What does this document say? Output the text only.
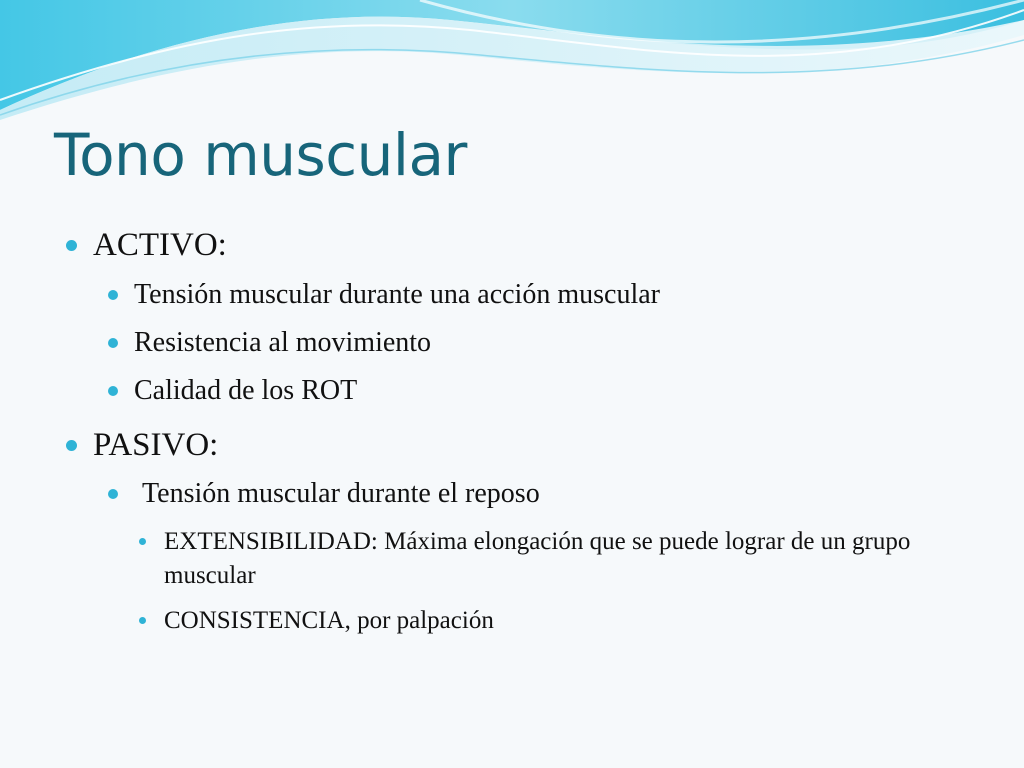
Tono muscular
ACTIVO:
Tensión muscular durante una acción muscular
Resistencia al movimiento
Calidad de los ROT
PASIVO:
Tensión muscular durante el reposo
EXTENSIBILIDAD: Máxima elongación que se puede lograr de un grupo muscular
CONSISTENCIA, por palpación
